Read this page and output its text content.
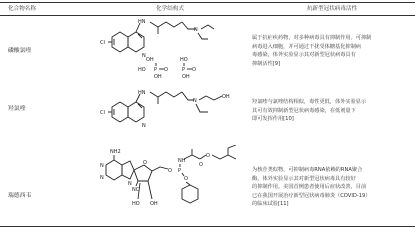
化合物名称	化学结构式	抗新型冠状病毒活性
磷酸氯喹
Cl
N
HN
N
OH
HO P O
OH
HO
P O
OH
属于抗疟疾药物，对多种病毒具有抑制作用。可抑制
病毒进入细胞，并可通过干扰受体糖基化抑制病
毒感染，体外实验显示其对新型冠状病毒具有
抑制活性[9]
羟氯喹
Cl
N
HN
N
OH
羟氯喹与氯喹结构相似，毒性更低，体外实验显示
其可有效抑制新型冠状病毒感染，在低剂量下
即可发挥作用[10]
瑞德西韦
NH2
N
N
N
O
NC
HO OH
O P
NH
O
O
O
为核苷类似物，可抑制病毒RNA依赖的RNA聚合
酶，体外实验显示其对新型冠状病毒具有较好
的抑制作用。美国首例患者使用后症状改善，目前
已在我国开展治疗新型冠状病毒肺炎（COVID-19）
的临床试验[11]
